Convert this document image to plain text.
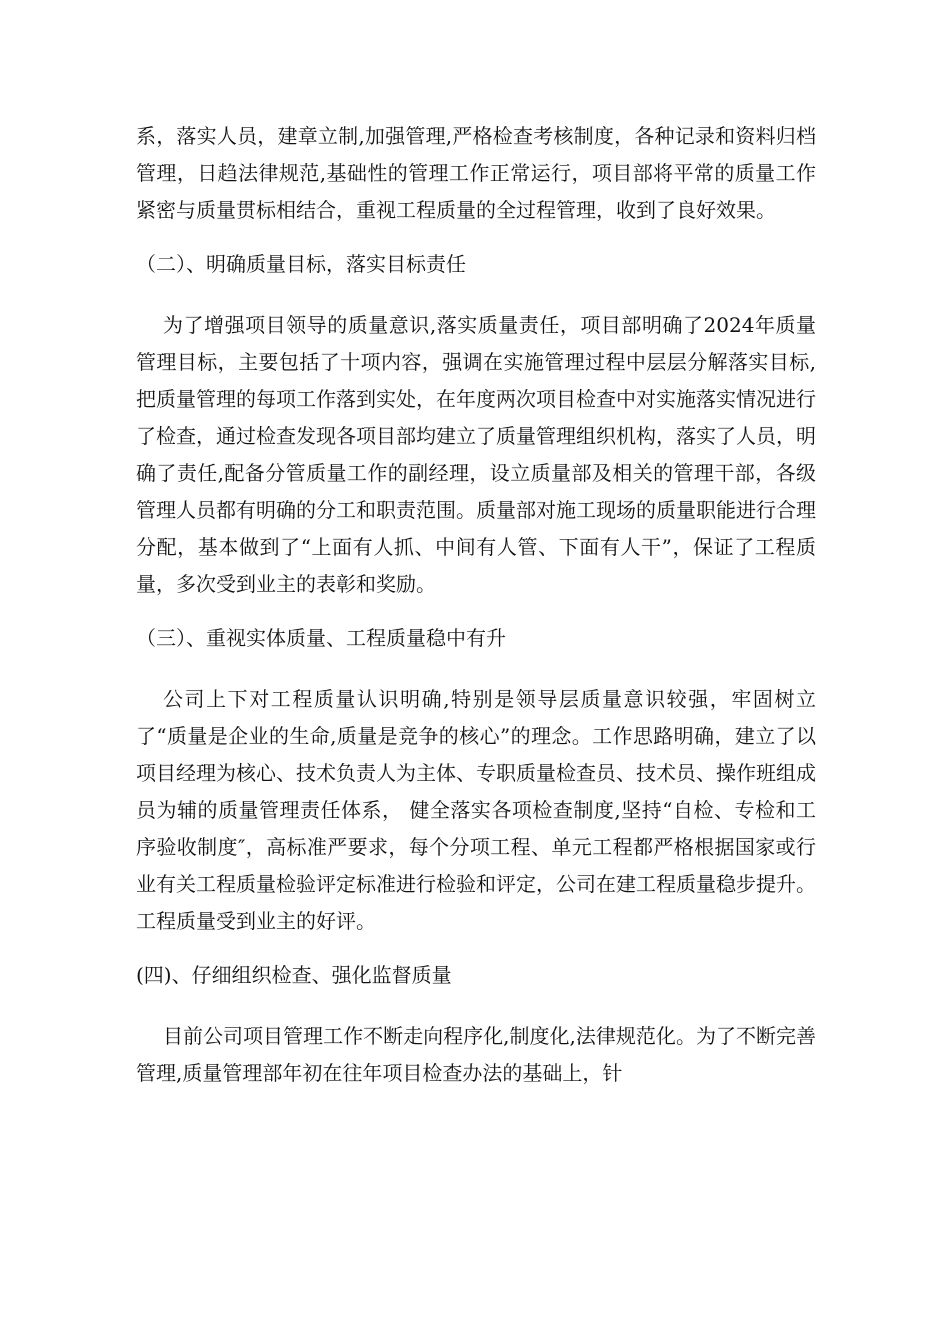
系，落实人员，建章立制,加强管理,严格检查考核制度，各种记录和资料归档管理，日趋法律规范,基础性的管理工作正常运行，项目部将平常的质量工作紧密与质量贯标相结合，重视工程质量的全过程管理，收到了良好效果。

（二）、明确质量目标，落实目标责任

为了增强项目领导的质量意识,落实质量责任，项目部明确了2024年质量管理目标，主要包括了十项内容，强调在实施管理过程中层层分解落实目标,把质量管理的每项工作落到实处，在年度两次项目检查中对实施落实情况进行了检查，通过检查发现各项目部均建立了质量管理组织机构，落实了人员，明确了责任,配备分管质量工作的副经理，设立质量部及相关的管理干部，各级管理人员都有明确的分工和职责范围。质量部对施工现场的质量职能进行合理分配，基本做到了“上面有人抓、中间有人管、下面有人干”，保证了工程质量，多次受到业主的表彰和奖励。

（三）、重视实体质量、工程质量稳中有升

公司上下对工程质量认识明确,特别是领导层质量意识较强，牢固树立了“质量是企业的生命,质量是竞争的核心”的理念。工作思路明确，建立了以项目经理为核心、技术负责人为主体、专职质量检查员、技术员、操作班组成员为辅的质量管理责任体系， 健全落实各项检查制度,坚持“自检、专检和工序验收制度″，高标准严要求，每个分项工程、单元工程都严格根据国家或行业有关工程质量检验评定标准进行检验和评定，公司在建工程质量稳步提升。工程质量受到业主的好评。

(四)、仔细组织检查、强化监督质量

目前公司项目管理工作不断走向程序化,制度化,法律规范化。为了不断完善管理,质量管理部年初在往年项目检查办法的基础上，针
